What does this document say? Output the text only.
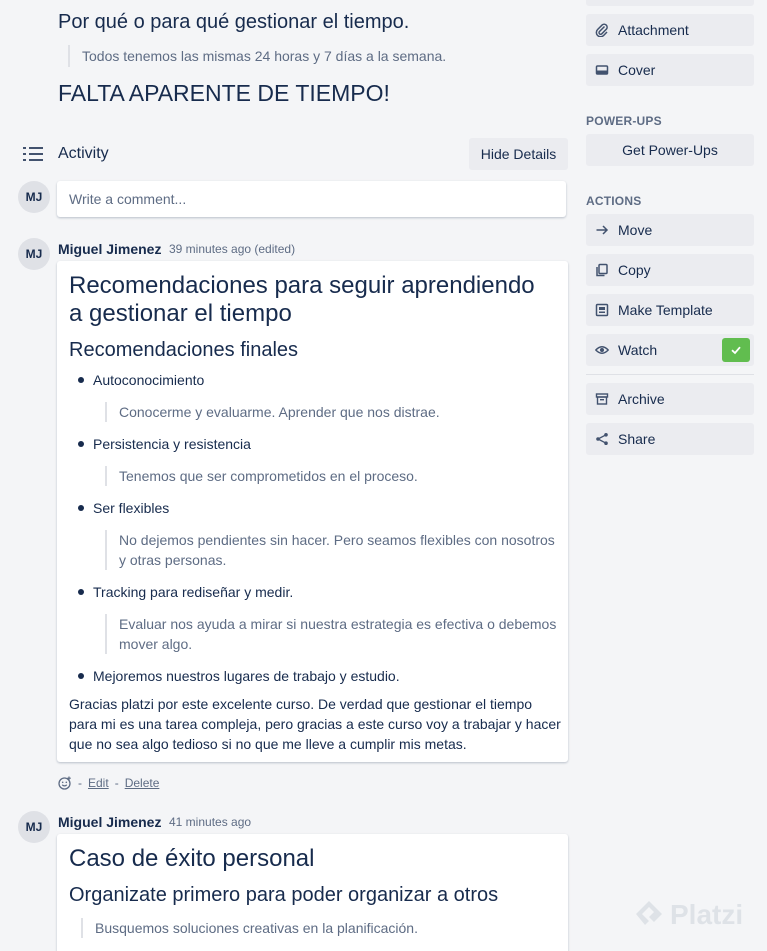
Por qué o para qué gestionar el tiempo.
Todos tenemos las mismas 24 horas y 7 días a la semana.
FALTA APARENTE DE TIEMPO!
Activity	Hide Details
MJ	Write a comment...
MJ	Miguel Jimenez 39 minutes ago (edited)
Recomendaciones para seguir aprendiendo
a gestionar el tiempo
Recomendaciones finales
Autoconocimiento
Conocerme y evaluarme. Aprender que nos distrae.
Persistencia y resistencia
Tenemos que ser comprometidos en el proceso.
Ser flexibles
No dejemos pendientes sin hacer. Pero seamos flexibles con nosotros
y otras personas.
Tracking para rediseñar y medir.
Evaluar nos ayuda a mirar si nuestra estrategia es efectiva o debemos
mover algo.
Mejoremos nuestros lugares de trabajo y estudio.
Gracias platzi por este excelente curso. De verdad que gestionar el tiempo
para mi es una tarea compleja, pero gracias a este curso voy a trabajar y hacer
que no sea algo tedioso si no que me lleve a cumplir mis metas.
- Edit - Delete
MJ	Miguel Jimenez 41 minutes ago
Caso de éxito personal
Organizate primero para poder organizar a otros
Busquemos soluciones creativas en la planificación.
Attachment
Cover
POWER-UPS
Get Power-Ups
ACTIONS
Move
Copy
Make Template
Watch
Archive
Share
Platzi
